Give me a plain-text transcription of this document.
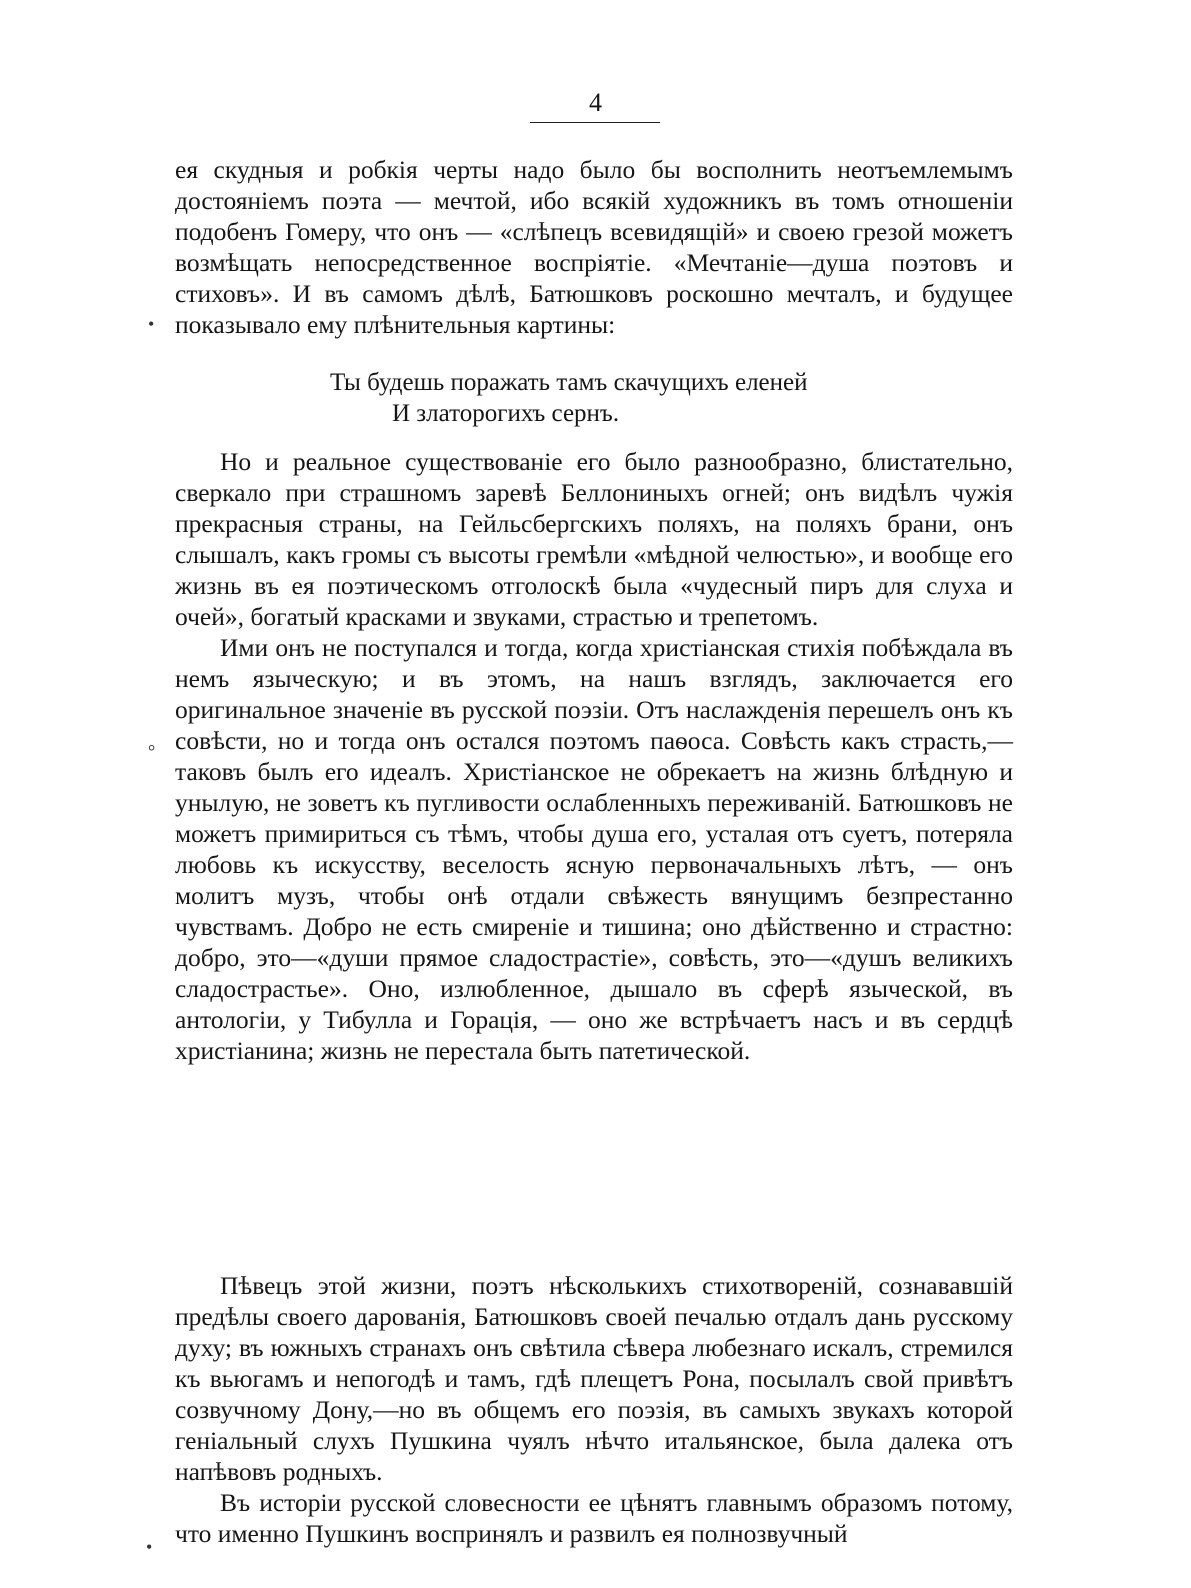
4

ея скудныя и робкія черты надо было бы восполнить неотъемлемымъ достояніемъ поэта — мечтой, ибо всякій художникъ въ томъ отношеніи подобенъ Гомеру, что онъ — «слѣпецъ всевидящій» и своею грезой можетъ возмѣщать непосредственное воспріятіе. «Мечтаніе—душа поэтовъ и стиховъ». И въ самомъ дѣлѣ, Батюшковъ роскошно мечталъ, и будущее показывало ему плѣнительныя картины:

Ты будешь поражать тамъ скачущихъ еленей
И златорогихъ сернъ.

Но и реальное существованіе его было разнообразно, блистательно, сверкало при страшномъ заревѣ Беллониныхъ огней; онъ видѣлъ чужія прекрасныя страны, на Гейльсбергскихъ поляхъ, на поляхъ брани, онъ слышалъ, какъ громы съ высоты гремѣли «мѣдной челюстью», и вообще его жизнь въ ея поэтическомъ отголоскѣ была «чудесный пиръ для слуха и очей», богатый красками и звуками, страстью и трепетомъ.

Ими онъ не поступался и тогда, когда христіанская стихія побѣждала въ немъ языческую; и въ этомъ, на нашъ взглядъ, заключается его оригинальное значеніе въ русской поэзіи. Отъ наслажденія перешелъ онъ къ совѣсти, но и тогда онъ остался поэтомъ паѳоса. Совѣсть какъ страсть,—таковъ былъ его идеалъ. Христіанское не обрекаетъ на жизнь блѣдную и унылую, не зоветъ къ пугливости ослабленныхъ переживаній. Батюшковъ не можетъ примириться съ тѣмъ, чтобы душа его, усталая отъ суетъ, потеряла любовь къ искусству, веселость ясную первоначальныхъ лѣтъ, — онъ молитъ музъ, чтобы онѣ отдали свѣжесть вянущимъ безпрестанно чувствамъ. Добро не есть смиреніе и тишина; оно дѣйственно и страстно: добро, это—«души прямое сладострастіе», совѣсть, это—«душъ великихъ сладострастье». Оно, излюбленное, дышало въ сферѣ языческой, въ антологіи, у Тибулла и Горація, — оно же встрѣчаетъ насъ и въ сердцѣ христіанина; жизнь не перестала быть патетической.

Пѣвецъ этой жизни, поэтъ нѣсколькихъ стихотвореній, сознававшій предѣлы своего дарованія, Батюшковъ своей печалью отдалъ дань русскому духу; въ южныхъ странахъ онъ свѣтила сѣвера любезнаго искалъ, стремился къ вьюгамъ и непогодѣ и тамъ, гдѣ плещетъ Рона, посылалъ свой привѣтъ созвучному Дону,—но въ общемъ его поэзія, въ самыхъ звукахъ которой геніальный слухъ Пушкина чуялъ нѣчто итальянское, была далека отъ напѣвовъ родныхъ.

Въ исторіи русской словесности ее цѣнятъ главнымъ образомъ потому, что именно Пушкинъ воспринялъ и развилъ ея полнозвучный

•
°
•
